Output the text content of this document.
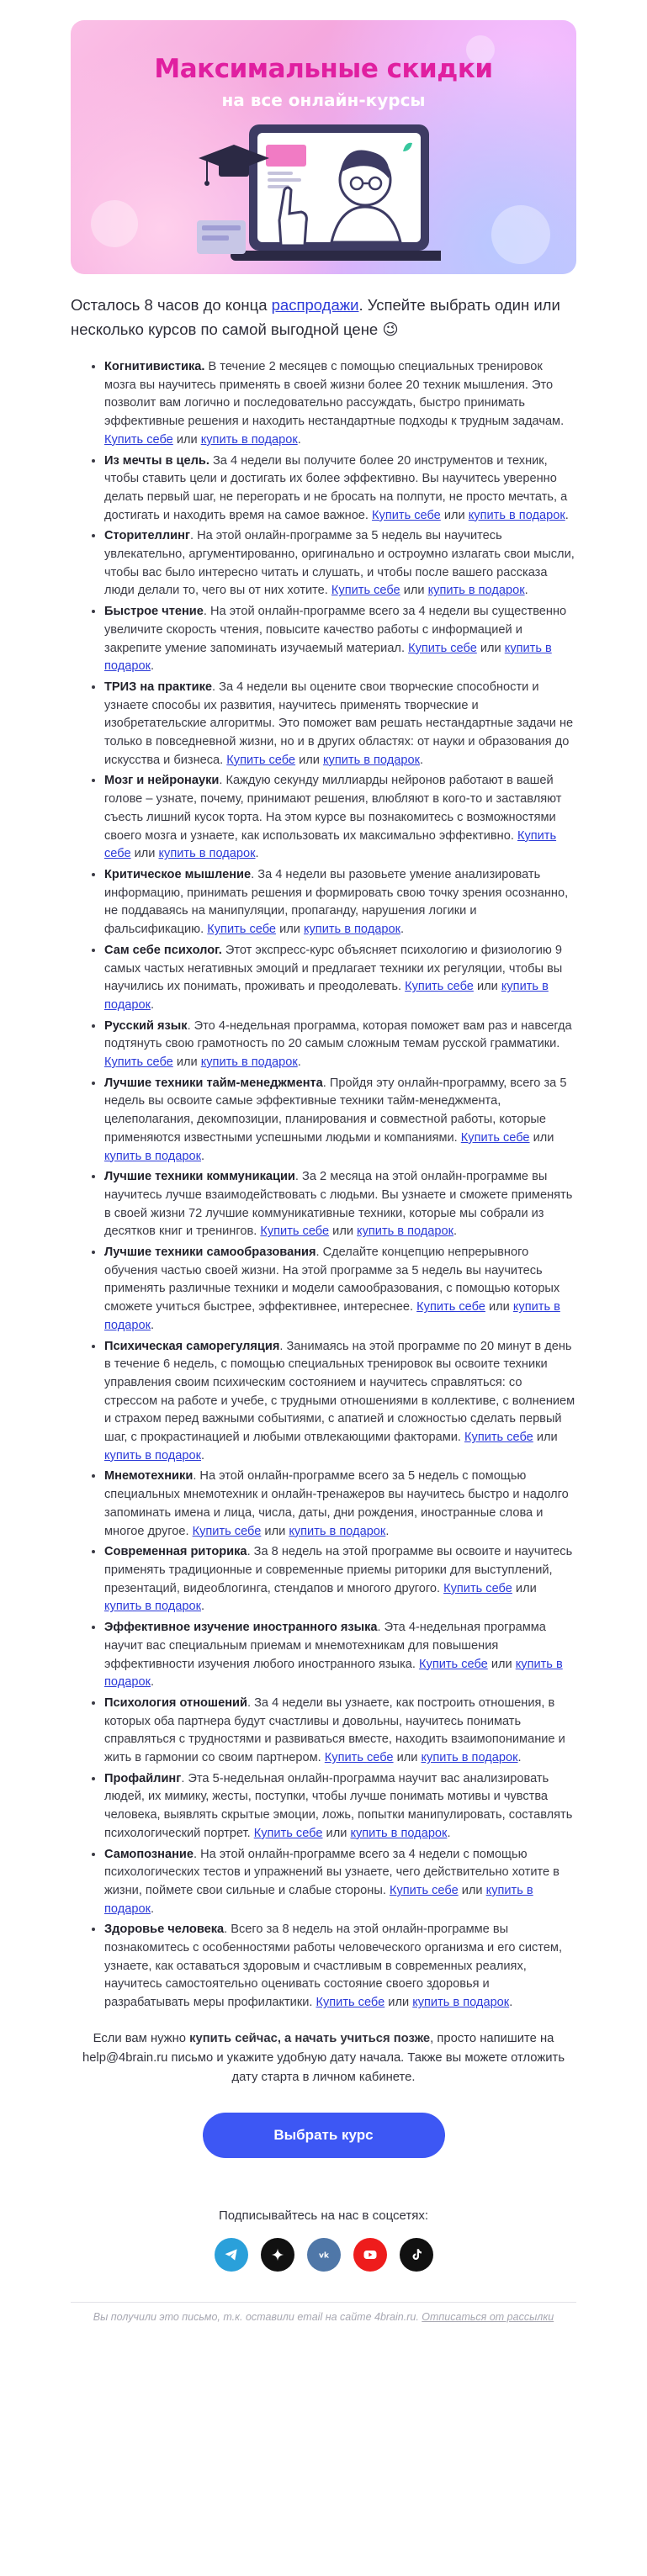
Максимальные скидки
на все онлайн-курсы

Осталось 8 часов до конца распродажи. Успейте выбрать один или несколько курсов по самой выгодной цене 😉

• Когнитивистика. В течение 2 месяцев с помощью специальных тренировок мозга вы научитесь применять в своей жизни более 20 техник мышления. Это позволит вам логично и последовательно рассуждать, быстро принимать эффективные решения и находить нестандартные подходы к трудным задачам. Купить себе или купить в подарок.
• Из мечты в цель. За 4 недели вы получите более 20 инструментов и техник, чтобы ставить цели и достигать их более эффективно. Вы научитесь уверенно делать первый шаг, не перегорать и не бросать на полпути, не просто мечтать, а достигать и находить время на самое важное. Купить себе или купить в подарок.
• Сторителлинг. На этой онлайн-программе за 5 недель вы научитесь увлекательно, аргументированно, оригинально и остроумно излагать свои мысли, чтобы вас было интересно читать и слушать, и чтобы после вашего рассказа люди делали то, чего вы от них хотите. Купить себе или купить в подарок.
• Быстрое чтение. На этой онлайн-программе всего за 4 недели вы существенно увеличите скорость чтения, повысите качество работы с информацией и закрепите умение запоминать изучаемый материал. Купить себе или купить в подарок.
• ТРИЗ на практике. За 4 недели вы оцените свои творческие способности и узнаете способы их развития, научитесь применять творческие и изобретательские алгоритмы. Это поможет вам решать нестандартные задачи не только в повседневной жизни, но и в других областях: от науки и образования до искусства и бизнеса. Купить себе или купить в подарок.
• Мозг и нейронауки. Каждую секунду миллиарды нейронов работают в вашей голове – узнате, почему, принимают решения, влюбляют в кого-то и заставляют съесть лишний кусок торта. На этом курсе вы познакомитесь с возможностями своего мозга и узнаете, как использовать их максимально эффективно. Купить себе или купить в подарок.
• Критическое мышление. За 4 недели вы разовьете умение анализировать информацию, принимать решения и формировать свою точку зрения осознанно, не поддаваясь на манипуляции, пропаганду, нарушения логики и фальсификацию. Купить себе или купить в подарок.
• Сам себе психолог. Этот экспресс-курс объясняет психологию и физиологию 9 самых частых негативных эмоций и предлагает техники их регуляции, чтобы вы научились их понимать, проживать и преодолевать. Купить себе или купить в подарок.
• Русский язык. Это 4-недельная программа, которая поможет вам раз и навсегда подтянуть свою грамотность по 20 самым сложным темам русской грамматики. Купить себе или купить в подарок.
• Лучшие техники тайм-менеджмента. Пройдя эту онлайн-программу, всего за 5 недель вы освоите самые эффективные техники тайм-менеджмента, целеполагания, декомпозиции, планирования и совместной работы, которые применяются известными успешными людьми и компаниями. Купить себе или купить в подарок.
• Лучшие техники коммуникации. За 2 месяца на этой онлайн-программе вы научитесь лучше взаимодействовать с людьми. Вы узнаете и сможете применять в своей жизни 72 лучшие коммуникативные техники, которые мы собрали из десятков книг и тренингов. Купить себе или купить в подарок.
• Лучшие техники самообразования. Сделайте концепцию непрерывного обучения частью своей жизни. На этой программе за 5 недель вы научитесь применять различные техники и модели самообразования, с помощью которых сможете учиться быстрее, эффективнее, интереснее. Купить себе или купить в подарок.
• Психическая саморегуляция. Занимаясь на этой программе по 20 минут в день в течение 6 недель, с помощью специальных тренировок вы освоите техники управления своим психическим состоянием и научитесь справляться: со стрессом на работе и учебе, с трудными отношениями в коллективе, с волнением и страхом перед важными событиями, с апатией и сложностью сделать первый шаг, с прокрастинацией и любыми отвлекающими факторами. Купить себе или купить в подарок.
• Мнемотехники. На этой онлайн-программе всего за 5 недель с помощью специальных мнемотехник и онлайн-тренажеров вы научитесь быстро и надолго запоминать имена и лица, числа, даты, дни рождения, иностранные слова и многое другое. Купить себе или купить в подарок.
• Современная риторика. За 8 недель на этой программе вы освоите и научитесь применять традиционные и современные приемы риторики для выступлений, презентаций, видеоблогинга, стендапов и многого другого. Купить себе или купить в подарок.
• Эффективное изучение иностранного языка. Эта 4-недельная программа научит вас специальным приемам и мнемотехникам для повышения эффективности изучения любого иностранного языка. Купить себе или купить в подарок.
• Психология отношений. За 4 недели вы узнаете, как построить отношения, в которых оба партнера будут счастливы и довольны, научитесь понимать справляться с трудностями и развиваться вместе, находить взаимопонимание и жить в гармонии со своим партнером. Купить себе или купить в подарок.
• Профайлинг. Эта 5-недельная онлайн-программа научит вас анализировать людей, их мимику, жесты, поступки, чтобы лучше понимать мотивы и чувства человека, выявлять скрытые эмоции, ложь, попытки манипулировать, составлять психологический портрет. Купить себе или купить в подарок.
• Самопознание. На этой онлайн-программе всего за 4 недели с помощью психологических тестов и упражнений вы узнаете, чего действительно хотите в жизни, поймете свои сильные и слабые стороны. Купить себе или купить в подарок.
• Здоровье человека. Всего за 8 недель на этой онлайн-программе вы познакомитесь с особенностями работы человеческого организма и его систем, узнаете, как оставаться здоровым и счастливым в современных реалиях, научитесь самостоятельно оценивать состояние своего здоровья и разрабатывать меры профилактики. Купить себе или купить в подарок.

Если вам нужно купить сейчас, а начать учиться позже, просто напишите на help@4brain.ru письмо и укажите удобную дату начала. Также вы можете отложить дату старта в личном кабинете.

Выбрать курс
Подписывайтесь на нас в соцсетях:
vk
Вы получили это письмо, т.к. оставили email на сайте 4brain.ru. Отписаться от рассылки
